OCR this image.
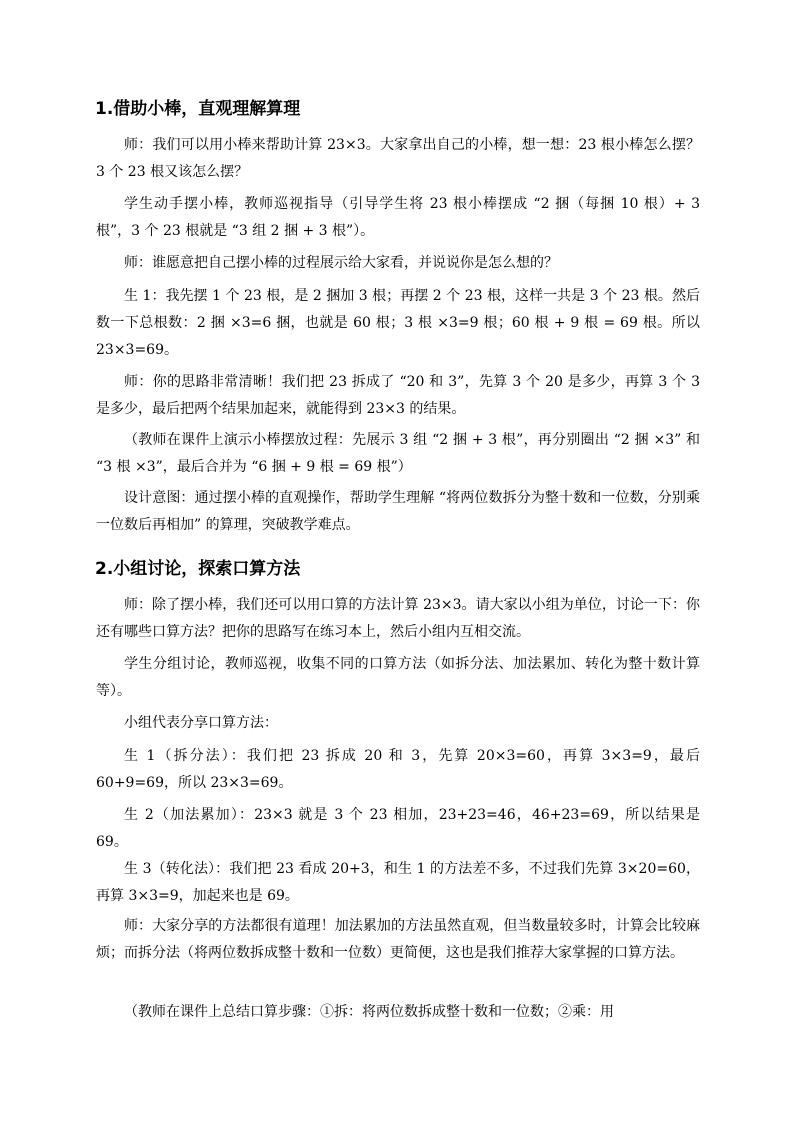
1.借助小棒，直观理解算理

师：我们可以用小棒来帮助计算 23×3。大家拿出自己的小棒，想一想：23 根小棒怎么摆？3 个 23 根又该怎么摆？

学生动手摆小棒，教师巡视指导（引导学生将 23 根小棒摆成 “2 捆（每捆 10 根）+ 3 根”，3 个 23 根就是 “3 组 2 捆 + 3 根”）。

师：谁愿意把自己摆小棒的过程展示给大家看，并说说你是怎么想的？

生 1：我先摆 1 个 23 根，是 2 捆加 3 根；再摆 2 个 23 根，这样一共是 3 个 23 根。然后数一下总根数：2 捆 ×3=6 捆，也就是 60 根；3 根 ×3=9 根；60 根 + 9 根 = 69 根。所以 23×3=69。

师：你的思路非常清晰！我们把 23 拆成了 “20 和 3”，先算 3 个 20 是多少，再算 3 个 3 是多少，最后把两个结果加起来，就能得到 23×3 的结果。

（教师在课件上演示小棒摆放过程：先展示 3 组 “2 捆 + 3 根”，再分别圈出 “2 捆 ×3” 和 “3 根 ×3”，最后合并为 “6 捆 + 9 根 = 69 根”）

设计意图：通过摆小棒的直观操作，帮助学生理解 “将两位数拆分为整十数和一位数，分别乘一位数后再相加” 的算理，突破教学难点。

2.小组讨论，探索口算方法

师：除了摆小棒，我们还可以用口算的方法计算 23×3。请大家以小组为单位，讨论一下：你还有哪些口算方法？把你的思路写在练习本上，然后小组内互相交流。

学生分组讨论，教师巡视，收集不同的口算方法（如拆分法、加法累加、转化为整十数计算等）。

小组代表分享口算方法：

生 1（拆分法）：我们把 23 拆成 20 和 3，先算 20×3=60，再算 3×3=9，最后 60+9=69，所以 23×3=69。

生 2（加法累加）：23×3 就是 3 个 23 相加，23+23=46，46+23=69，所以结果是 69。

生 3（转化法）：我们把 23 看成 20+3，和生 1 的方法差不多，不过我们先算 3×20=60，再算 3×3=9，加起来也是 69。

师：大家分享的方法都很有道理！加法累加的方法虽然直观，但当数量较多时，计算会比较麻烦；而拆分法（将两位数拆成整十数和一位数）更简便，这也是我们推荐大家掌握的口算方法。

（教师在课件上总结口算步骤：①拆：将两位数拆成整十数和一位数；②乘：用
